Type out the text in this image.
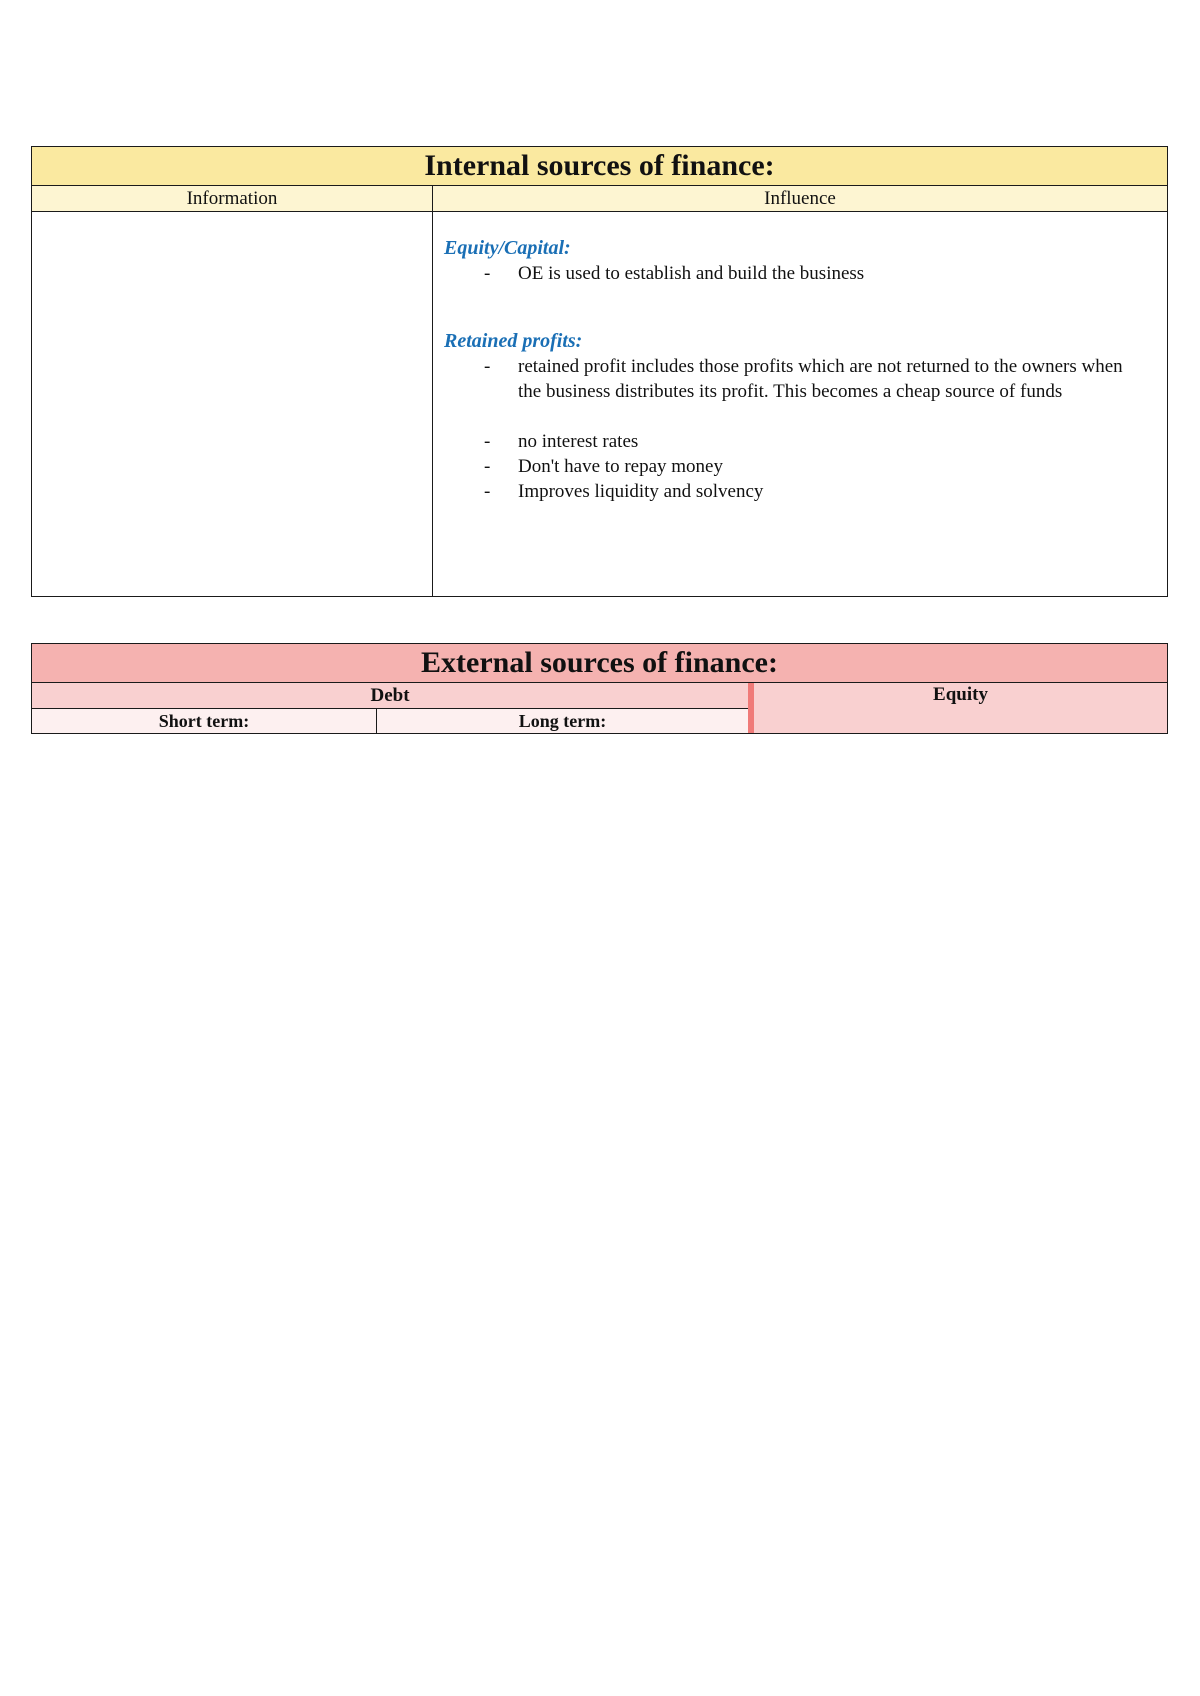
Internal sources of finance:
Information	Influence

Equity/Capital:

- OE is used to establish and build the business

Retained profits:

- retained profit includes those profits which are not returned to the owners when the business distributes its profit. This becomes a cheap source of funds
- no interest rates
- Don't have to repay money
- Improves liquidity and solvency
External sources of finance:
Debt
Short term:	Long term:
Equity
